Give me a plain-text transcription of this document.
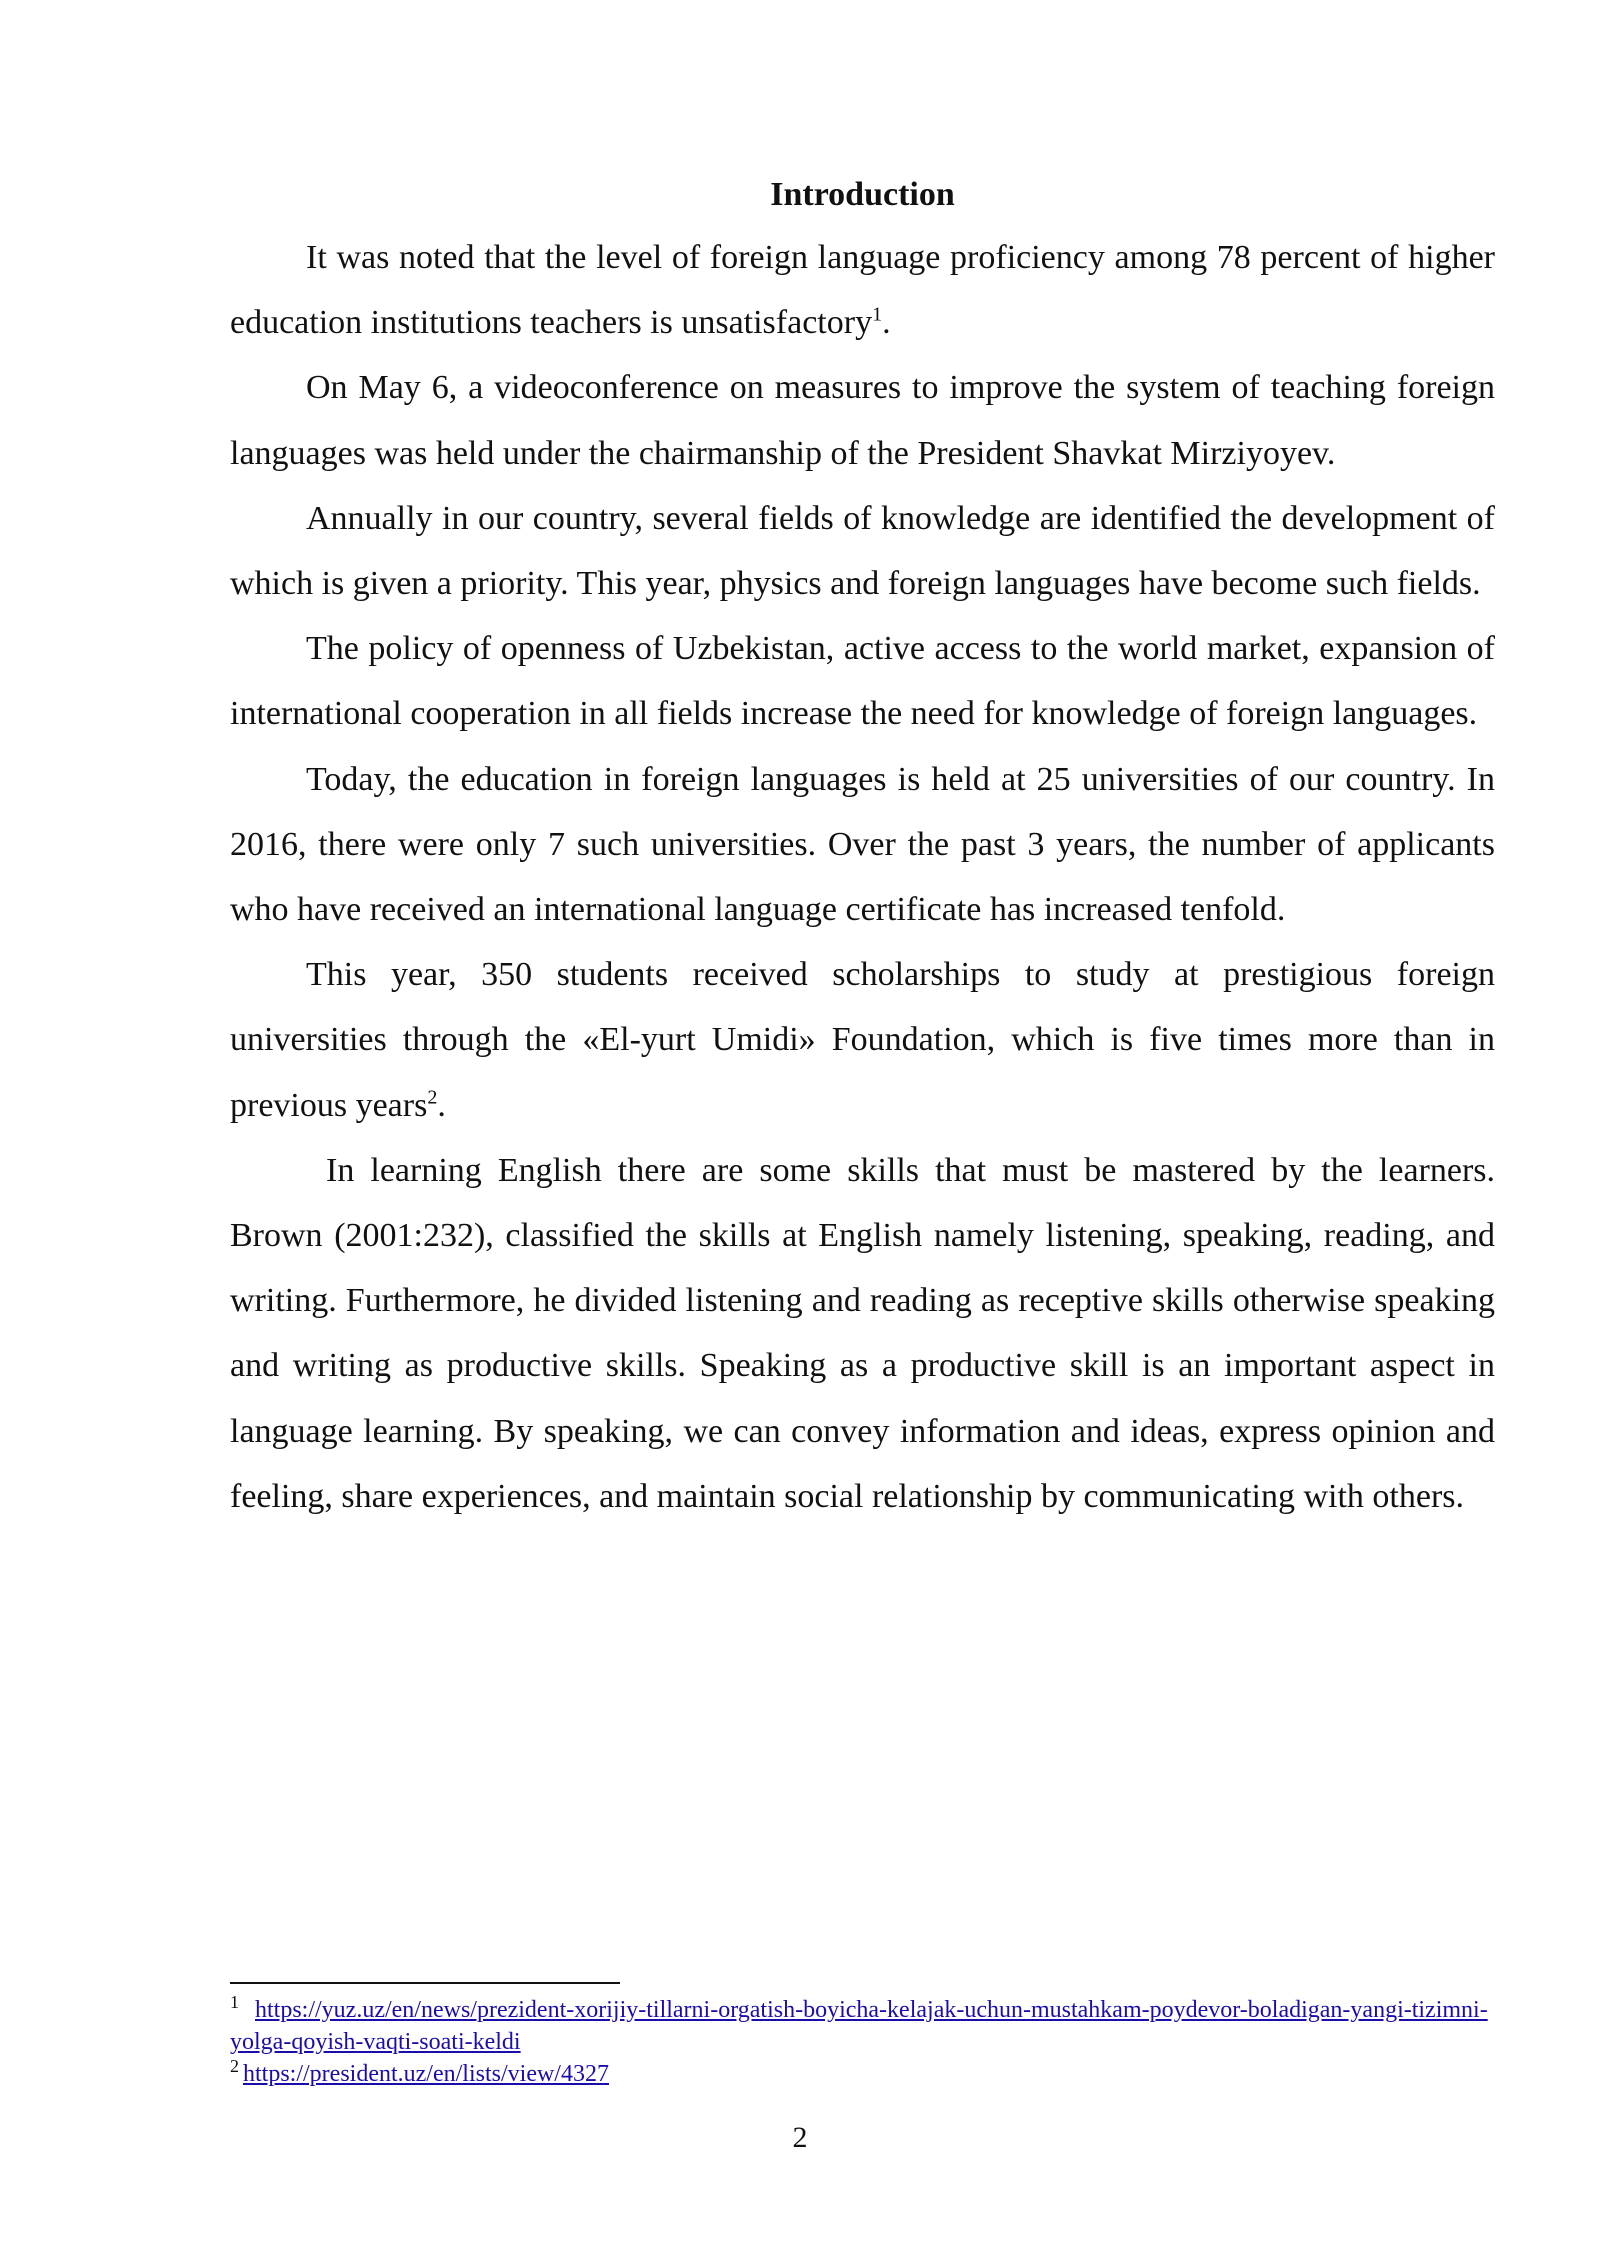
Introduction

It was noted that the level of foreign language proficiency among 78 percent of higher education institutions teachers is unsatisfactory$^1$.

On May 6, a videoconference on measures to improve the system of teaching foreign languages was held under the chairmanship of the President Shavkat Mirziyoyev.

Annually in our country, several fields of knowledge are identified the development of which is given a priority. This year, physics and foreign languages have become such fields.

The policy of openness of Uzbekistan, active access to the world market, expansion of international cooperation in all fields increase the need for knowledge of foreign languages.

Today, the education in foreign languages is held at 25 universities of our country. In 2016, there were only 7 such universities. Over the past 3 years, the number of applicants who have received an international language certificate has increased tenfold.

This year, 350 students received scholarships to study at prestigious foreign universities through the «El-yurt Umidi» Foundation, which is five times more than in previous years$^2$.

In learning English there are some skills that must be mastered by the learners. Brown (2001:232), classified the skills at English namely listening, speaking, reading, and writing. Furthermore, he divided listening and reading as receptive skills otherwise speaking and writing as productive skills. Speaking as a productive skill is an important aspect in language learning. By speaking, we can convey information and ideas, express opinion and feeling, share experiences, and maintain social relationship by communicating with others.

$^1$ https://yuz.uz/en/news/prezident-xorijiy-tillarni-orgatish-boyicha-kelajak-uchun-mustahkam-poydevor-boladigan-yangi-tizimni-yolga-qoyish-vaqti-soati-keldi

$^2$ https://president.uz/en/lists/view/4327

2
